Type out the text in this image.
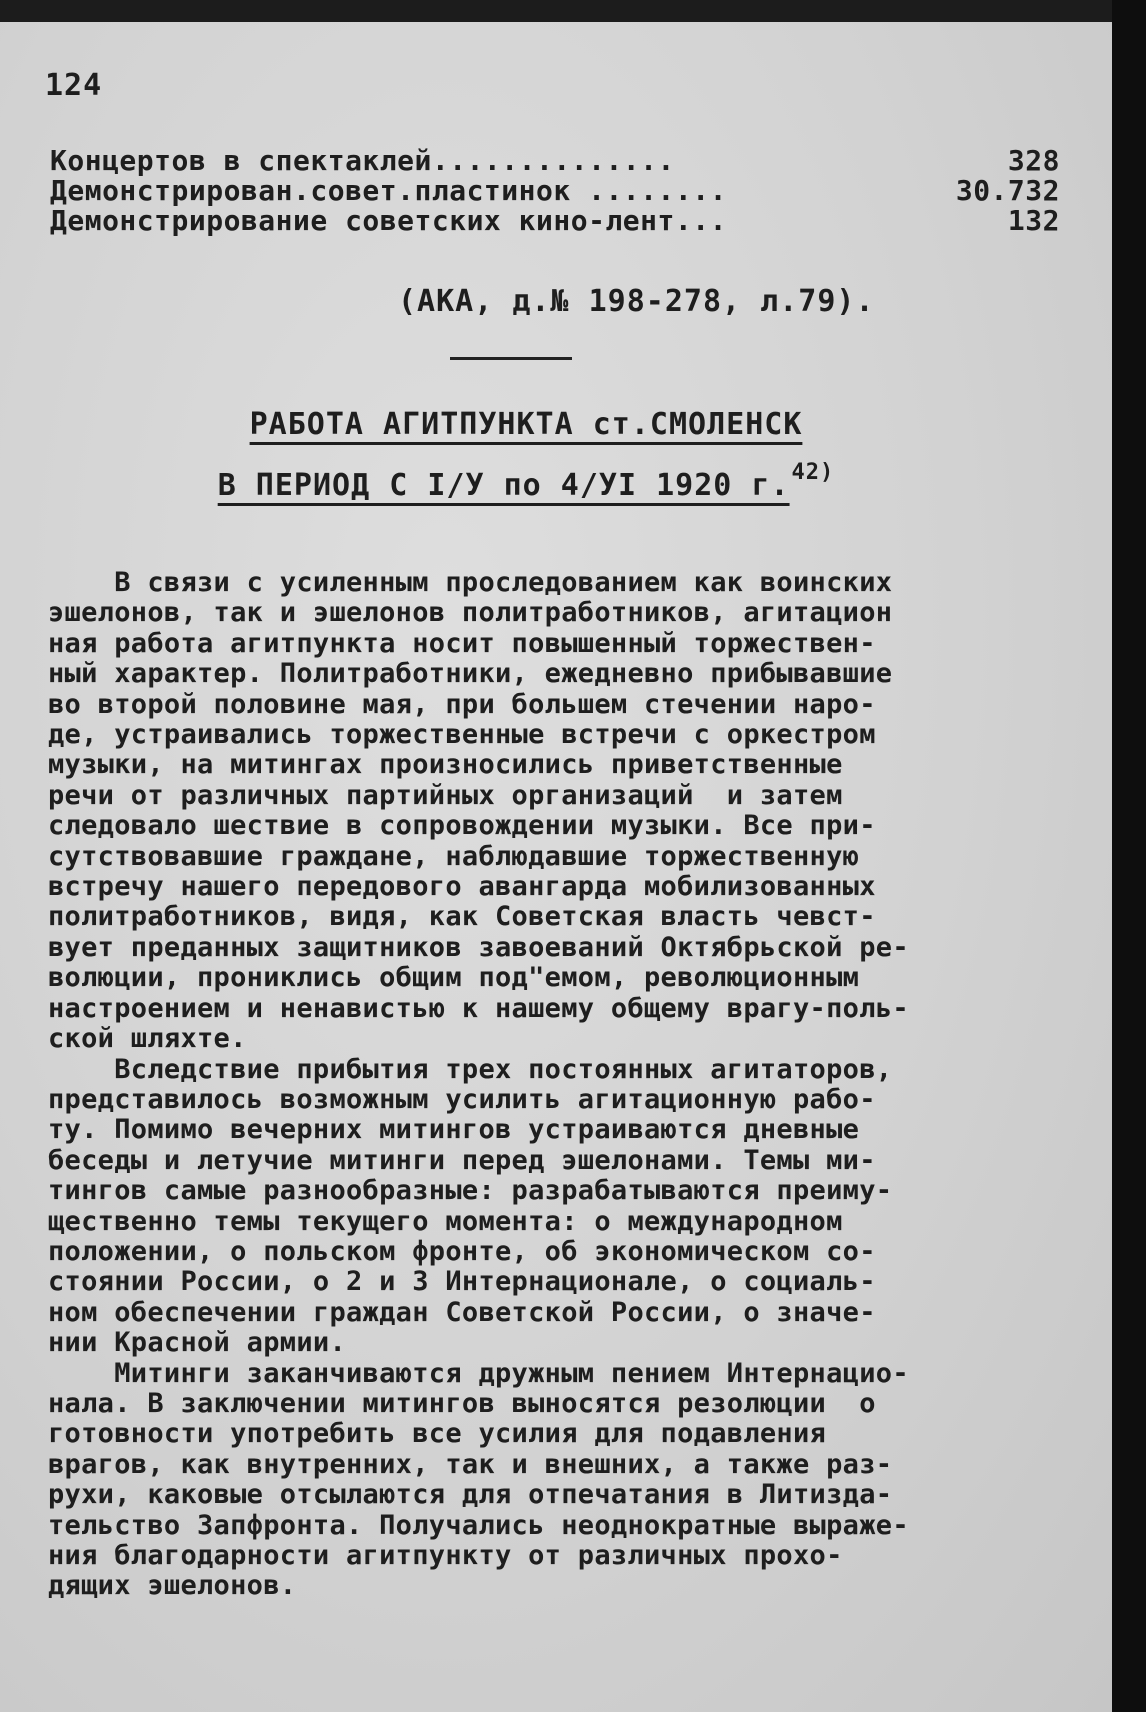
124
Концертов в спектаклей..............	328
Демонстрирован.совет.пластинок ........	30.732
Демонстрирование советских кино-лент...	132
(АКА, д.№ 198-278, л.79).
РАБОТА АГИТПУНКТА ст.СМОЛЕНСК
В ПЕРИОД С I/У по 4/УI 1920 г.$^{42)}$
В связи с усиленным проследованием как воинских
эшелонов, так и эшелонов политработников, агитацион
ная работа агитпункта носит повышенный торжествен-
ный характер. Политработники, ежедневно прибывавшие
во второй половине мая, при большем стечении наро-
де, устраивались торжественные встречи с оркестром
музыки, на митингах произносились приветственные
речи от различных партийных организаций  и затем
следовало шествие в сопровождении музыки. Все при-
сутствовавшие граждане, наблюдавшие торжественную
встречу нашего передового авангарда мобилизованных
политработников, видя, как Советская власть чевст-
вует преданных защитников завоеваний Октябрьской ре-
волюции, прониклись общим под"емом, революционным
настроением и ненавистью к нашему общему врагу-поль-
ской шляхте.
Вследствие прибытия трех постоянных агитаторов,
представилось возможным усилить агитационную рабо-
ту. Помимо вечерних митингов устраиваются дневные
беседы и летучие митинги перед эшелонами. Темы ми-
тингов самые разнообразные: разрабатываются преиму-
щественно темы текущего момента: о международном
положении, о польском фронте, об экономическом со-
стоянии России, о 2 и 3 Интернационале, о социаль-
ном обеспечении граждан Советской России, о значе-
нии Красной армии.
Митинги заканчиваются дружным пением Интернацио-
нала. В заключении митингов выносятся резолюции  о
готовности употребить все усилия для подавления
врагов, как внутренних, так и внешних, а также раз-
рухи, каковые отсылаются для отпечатания в Литизда-
тельство Запфронта. Получались неоднократные выраже-
ния благодарности агитпункту от различных прохо-
дящих эшелонов.
